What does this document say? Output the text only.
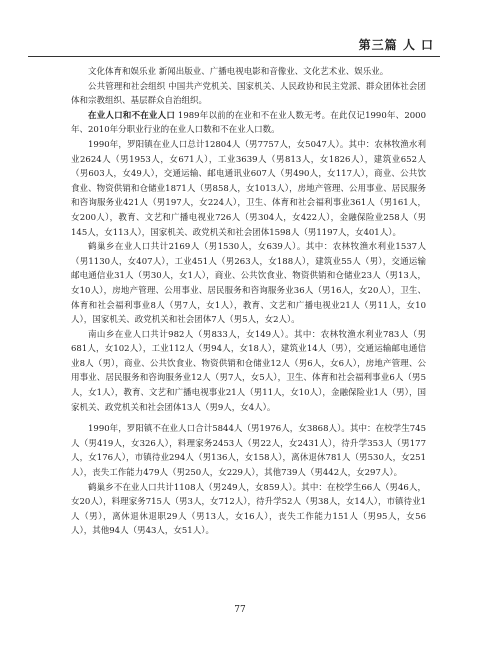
第三篇 人 口

文化体育和娱乐业 新闻出版业、广播电视电影和音像业、文化艺术业、娱乐业。

公共管理和社会组织 中国共产党机关、国家机关、人民政协和民主党派、群众团体社会团体和宗教组织、基层群众自治组织。

在业人口和不在业人口 1989年以前的在业和不在业人数无考。在此仅记1990年、2000年、2010年分职业行业的在业人口数和不在业人口数。

1990年，罗阳镇在业人口总计12804人（男7757人，女5047人）。其中：农林牧渔水利业2624人（男1953人，女671人），工业3639人（男813人，女1826人），建筑业652人（男603人，女49人），交通运输、邮电通讯业607人（男490人，女117人），商业、公共饮食业、物资供销和仓储业1871人（男858人，女1013人），房地产管理、公用事业、居民服务和咨询服务业421人（男197人，女224人），卫生、体育和社会福利事业361人（男161人，女200人），教育、文艺和广播电视业726人（男304人，女422人），金融保险业258人（男145人，女113人），国家机关、政党机关和社会团体1598人（男1197人，女401人）。

鹤巢乡在业人口共计2169人（男1530人，女639人）。其中：农林牧渔水利业1537人（男1130人，女407人），工业451人（男263人，女188人），建筑业55人（男），交通运输邮电通信业31人（男30人，女1人），商业、公共饮食业、物资供销和仓储业23人（男13人，女10人），房地产管理、公用事业、居民服务和咨询服务业36人（男16人，女20人），卫生、体育和社会福利事业8人（男7人，女1人），教育、文艺和广播电视业21人（男11人，女10人），国家机关、政党机关和社会团体7人（男5人，女2人）。

南山乡在业人口共计982人（男833人，女149人）。其中：农林牧渔水利业783人（男681人，女102人），工业112人（男94人，女18人），建筑业14人（男），交通运输邮电通信业8人（男），商业、公共饮食业、物资供销和仓储业12人（男6人，女6人），房地产管理、公用事业、居民服务和咨询服务业12人（男7人，女5人），卫生、体育和社会福利事业6人（男5人，女1人），教育、文艺和广播电视事业21人（男11人，女10人），金融保险业1人（男），国家机关、政党机关和社会团体13人（男9人，女4人）。

1990年，罗阳镇不在业人口合计5844人（男1976人，女3868人）。其中：在校学生745人（男419人，女326人），料理家务2453人（男22人，女2431人），待升学353人（男177人，女176人），市镇待业294人（男136人，女158人），离休退休781人（男530人，女251人），丧失工作能力479人（男250人，女229人），其他739人（男442人，女297人）。

鹤巢乡不在业人口共计1108人（男249人，女859人）。其中：在校学生66人（男46人，女20人），料理家务715人（男3人，女712人），待升学52人（男38人，女14人），市镇待业1人（男），离休退休退职29人（男13人，女16人），丧失工作能力151人（男95人，女56人），其他94人（男43人，女51人）。

77
